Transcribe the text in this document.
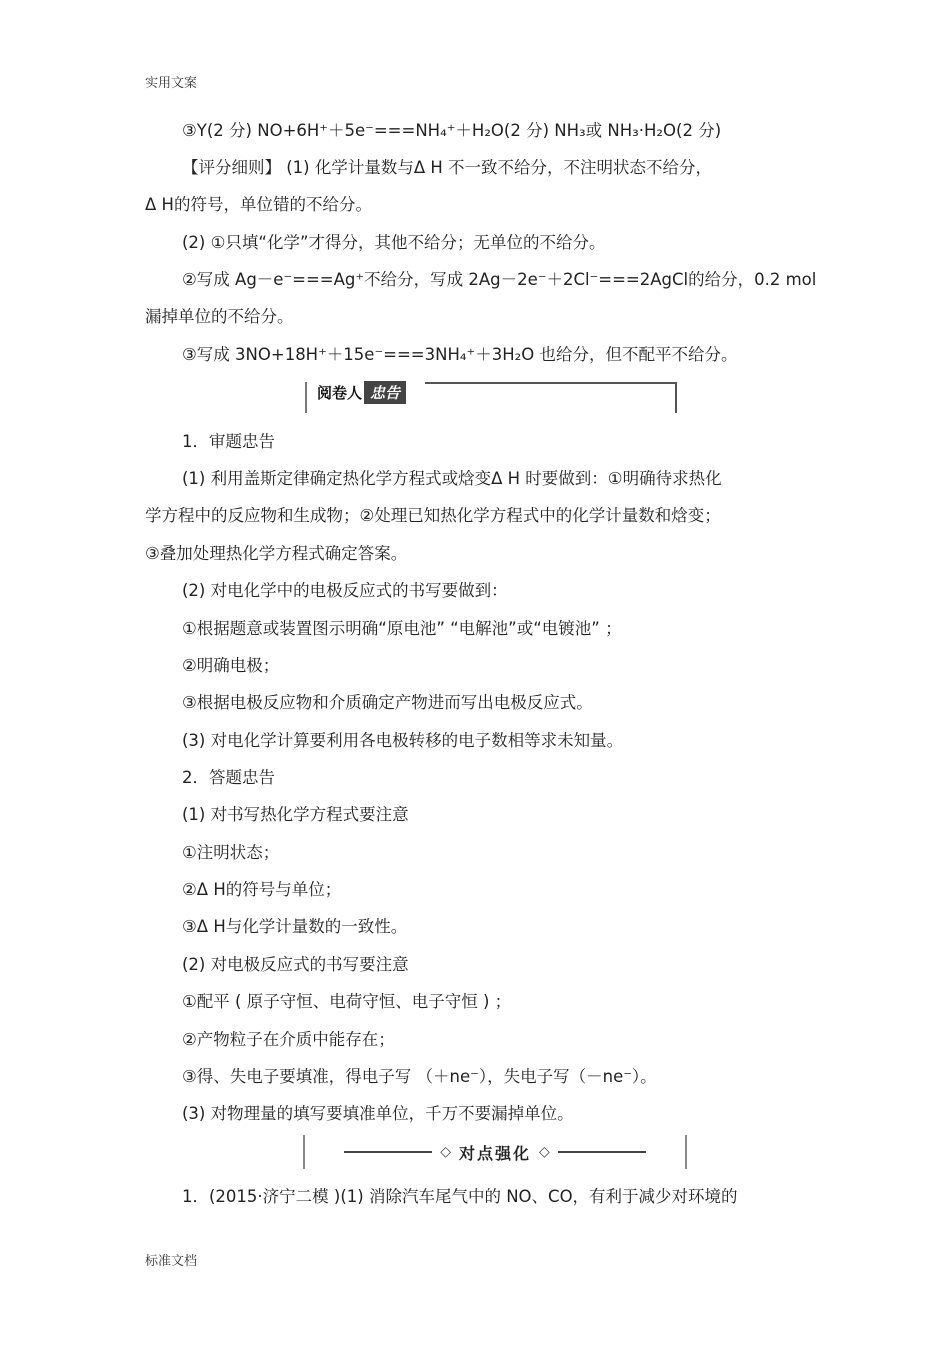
实用文案
③Y(2 分) NO+6H⁺＋5e⁻===NH₄⁺＋H₂O(2 分) NH₃或 NH₃·H₂O(2 分)
【评分细则】 (1) 化学计量数与Δ H 不一致不给分，不注明状态不给分，
Δ H的符号，单位错的不给分。
(2) ①只填“化学”才得分，其他不给分；无单位的不给分。
②写成 Ag－e⁻===Ag⁺不给分，写成 2Ag－2e⁻＋2Cl⁻===2AgCl的给分，0.2 mol
漏掉单位的不给分。
③写成 3NO+18H⁺＋15e⁻===3NH₄⁺＋3H₂O 也给分，但不配平不给分。
阅卷人 忠告
1．审题忠告
(1) 利用盖斯定律确定热化学方程式或焓变Δ H 时要做到：①明确待求热化
学方程中的反应物和生成物；②处理已知热化学方程式中的化学计量数和焓变；
③叠加处理热化学方程式确定答案。
(2) 对电化学中的电极反应式的书写要做到：
①根据题意或装置图示明确“原电池” “电解池”或“电镀池” ；
②明确电极；
③根据电极反应物和介质确定产物进而写出电极反应式。
(3) 对电化学计算要利用各电极转移的电子数相等求未知量。
2．答题忠告
(1) 对书写热化学方程式要注意
①注明状态；
②Δ H的符号与单位；
③Δ H与化学计量数的一致性。
(2) 对电极反应式的书写要注意
①配平 ( 原子守恒、电荷守恒、电子守恒 ) ；
②产物粒子在介质中能存在；
③得、失电子要填准，得电子写 （＋ne⁻），失电子写（－ne⁻）。
(3) 对物理量的填写要填准单位，千万不要漏掉单位。
◇ 对点强化 ◇
1．(2015·济宁二模 )(1) 消除汽车尾气中的 NO、CO，有利于减少对环境的
标准文档
